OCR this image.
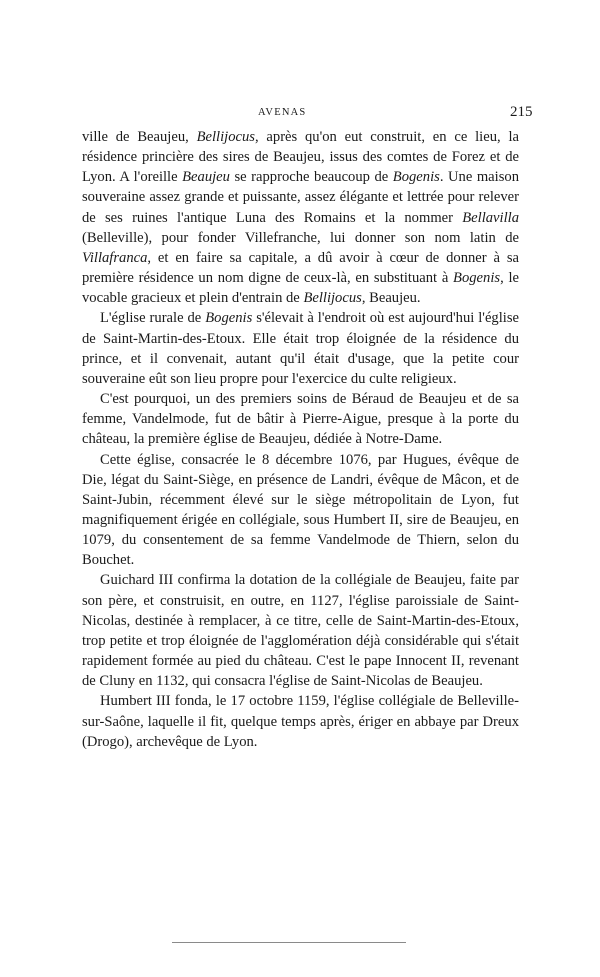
AVENAS	215

ville de Beaujeu, Bellijocus, après qu'on eut construit, en ce lieu, la résidence princière des sires de Beaujeu, issus des comtes de Forez et de Lyon. A l'oreille Beaujeu se rapproche beaucoup de Bogenis. Une maison souveraine assez grande et puissante, assez élégante et lettrée pour relever de ses ruines l'antique Luna des Romains et la nommer Bellavilla (Belleville), pour fonder Villefranche, lui donner son nom latin de Villafranca, et en faire sa capitale, a dû avoir à cœur de donner à sa première résidence un nom digne de ceux-là, en substituant à Bogenis, le vocable gracieux et plein d'entrain de Bellijocus, Beaujeu.

L'église rurale de Bogenis s'élevait à l'endroit où est aujourd'hui l'église de Saint-Martin-des-Etoux. Elle était trop éloignée de la résidence du prince, et il convenait, autant qu'il était d'usage, que la petite cour souveraine eût son lieu propre pour l'exercice du culte religieux.

C'est pourquoi, un des premiers soins de Béraud de Beaujeu et de sa femme, Vandelmode, fut de bâtir à Pierre-Aigue, presque à la porte du château, la première église de Beaujeu, dédiée à Notre-Dame.

Cette église, consacrée le 8 décembre 1076, par Hugues, évêque de Die, légat du Saint-Siège, en présence de Landri, évêque de Mâcon, et de Saint-Jubin, récemment élevé sur le siège métropolitain de Lyon, fut magnifiquement érigée en collégiale, sous Humbert II, sire de Beaujeu, en 1079, du consentement de sa femme Vandelmode de Thiern, selon du Bouchet.

Guichard III confirma la dotation de la collégiale de Beaujeu, faite par son père, et construisit, en outre, en 1127, l'église paroissiale de Saint-Nicolas, destinée à remplacer, à ce titre, celle de Saint-Martin-des-Etoux, trop petite et trop éloignée de l'agglomération déjà considérable qui s'était rapidement formée au pied du château. C'est le pape Innocent II, revenant de Cluny en 1132, qui consacra l'église de Saint-Nicolas de Beaujeu.

Humbert III fonda, le 17 octobre 1159, l'église collégiale de Belleville-sur-Saône, laquelle il fit, quelque temps après, ériger en abbaye par Dreux (Drogo), archevêque de Lyon.
